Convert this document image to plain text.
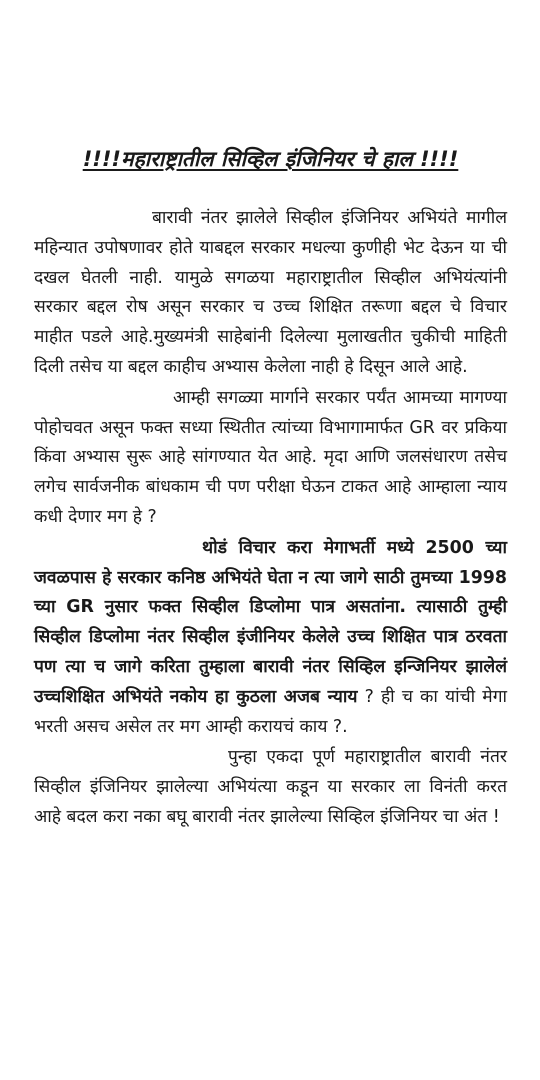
!!!!महाराष्ट्रातील सिव्हिल इंजिनियर चे हाल !!!!

बारावी नंतर झालेले सिव्हील इंजिनियर अभियंते मागील महिन्यात उपोषणावर होते याबद्दल सरकार मधल्या कुणीही भेट देऊन या ची दखल घेतली नाही. यामुळे सगळया महाराष्ट्रातील सिव्हील अभियंत्यांनी सरकार बद्दल रोष असून सरकार च उच्च शिक्षित तरूणा बद्दल चे विचार माहीत पडले आहे.मुख्यमंत्री साहेबांनी दिलेल्या मुलाखतीत चुकीची माहिती दिली तसेच या बद्दल काहीच अभ्यास केलेला नाही हे दिसून आले आहे.

आम्ही सगळ्या मार्गाने सरकार पर्यंत आमच्या मागण्या पोहोचवत असून फक्त सध्या स्थितीत त्यांच्या विभागामार्फत GR वर प्रकिया किंवा अभ्यास सुरू आहे सांगण्यात येत आहे. मृदा आणि जलसंधारण तसेच लगेच सार्वजनीक बांधकाम ची पण परीक्षा घेऊन टाकत आहे आम्हाला न्याय कधी देणार मग हे ?

थोडं विचार करा मेगाभर्ती मध्ये 2500 च्या जवळपास हे सरकार कनिष्ठ अभियंते घेता न त्या जागे साठी तुमच्या 1998 च्या GR नुसार फक्त सिव्हील डिप्लोमा पात्र असतांना. त्यासाठी तुम्ही सिव्हील डिप्लोमा नंतर सिव्हील इंजीनियर केलेले उच्च शिक्षित पात्र ठरवता पण त्या च जागे करिता तुम्हाला बारावी नंतर सिव्हिल इन्जिनियर झालेलं उच्चशिक्षित अभियंते नकोय हा कुठला अजब न्याय ? ही च का यांची मेगा भरती असच असेल तर मग आम्ही करायचं काय ?.

पुन्हा एकदा पूर्ण महाराष्ट्रातील बारावी नंतर सिव्हील इंजिनियर झालेल्या अभियंत्या कडून या सरकार ला विनंती करत आहे बदल करा नका बघू बारावी नंतर झालेल्या सिव्हिल इंजिनियर चा अंत !
